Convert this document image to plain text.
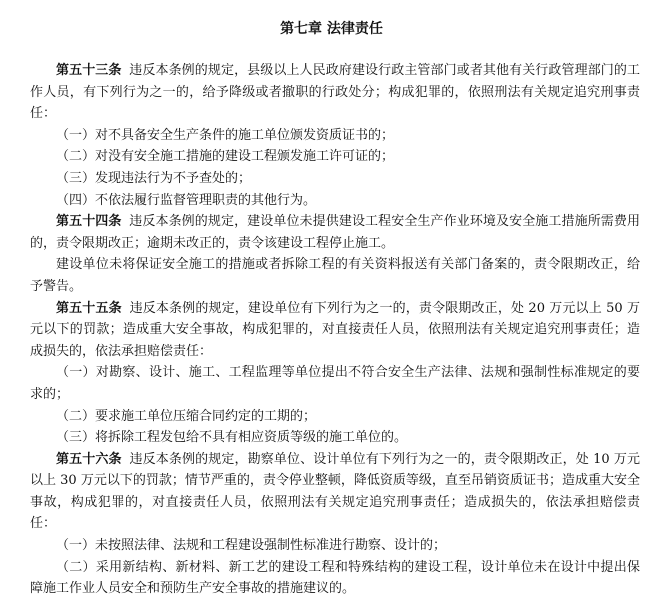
第七章 法律责任

第五十三条 违反本条例的规定，县级以上人民政府建设行政主管部门或者其他有关行政管理部门的工作人员，有下列行为之一的，给予降级或者撤职的行政处分；构成犯罪的，依照刑法有关规定追究刑事责任：

（一）对不具备安全生产条件的施工单位颁发资质证书的；

（二）对没有安全施工措施的建设工程颁发施工许可证的；

（三）发现违法行为不予查处的；

（四）不依法履行监督管理职责的其他行为。

第五十四条 违反本条例的规定，建设单位未提供建设工程安全生产作业环境及安全施工措施所需费用的，责令限期改正；逾期未改正的，责令该建设工程停止施工。

建设单位未将保证安全施工的措施或者拆除工程的有关资料报送有关部门备案的，责令限期改正，给予警告。

第五十五条 违反本条例的规定，建设单位有下列行为之一的，责令限期改正，处 20 万元以上 50 万元以下的罚款；造成重大安全事故，构成犯罪的，对直接责任人员，依照刑法有关规定追究刑事责任；造成损失的，依法承担赔偿责任：

（一）对勘察、设计、施工、工程监理等单位提出不符合安全生产法律、法规和强制性标准规定的要求的；

（二）要求施工单位压缩合同约定的工期的；

（三）将拆除工程发包给不具有相应资质等级的施工单位的。

第五十六条 违反本条例的规定，勘察单位、设计单位有下列行为之一的，责令限期改正，处 10 万元以上 30 万元以下的罚款；情节严重的，责令停业整顿，降低资质等级，直至吊销资质证书；造成重大安全事故，构成犯罪的，对直接责任人员，依照刑法有关规定追究刑事责任；造成损失的，依法承担赔偿责任：

（一）未按照法律、法规和工程建设强制性标准进行勘察、设计的；

（二）采用新结构、新材料、新工艺的建设工程和特殊结构的建设工程，设计单位未在设计中提出保障施工作业人员安全和预防生产安全事故的措施建议的。
